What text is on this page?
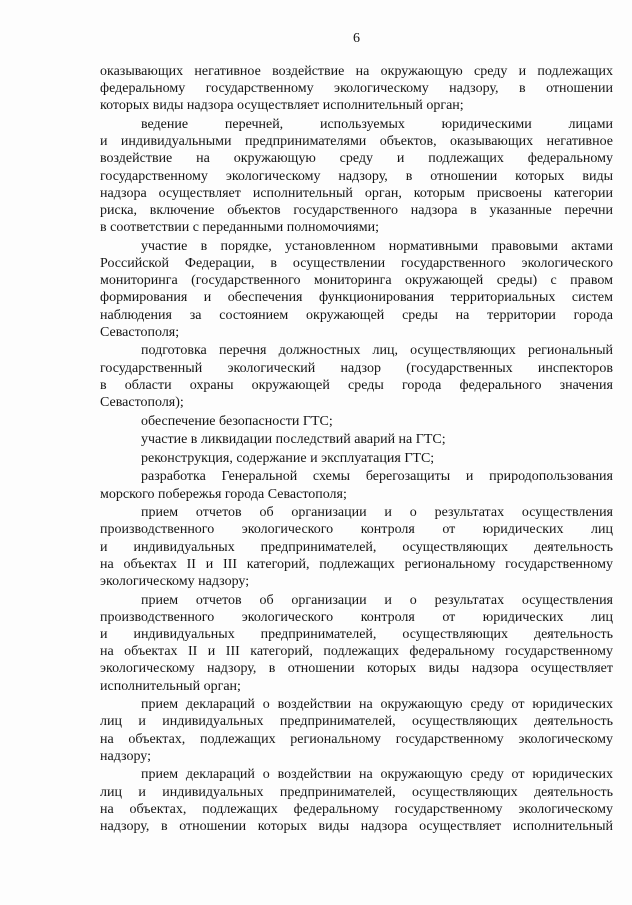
6
оказывающих негативное воздействие на окружающую среду и подлежащих
федеральному государственному экологическому надзору, в отношении
которых виды надзора осуществляет исполнительный орган;
ведение перечней, используемых юридическими лицами
и индивидуальными предпринимателями объектов, оказывающих негативное
воздействие на окружающую среду и подлежащих федеральному
государственному экологическому надзору, в отношении которых виды
надзора осуществляет исполнительный орган, которым присвоены категории
риска, включение объектов государственного надзора в указанные перечни
в соответствии с переданными полномочиями;
участие в порядке, установленном нормативными правовыми актами
Российской Федерации, в осуществлении государственного экологического
мониторинга (государственного мониторинга окружающей среды) с правом
формирования и обеспечения функционирования территориальных систем
наблюдения за состоянием окружающей среды на территории города
Севастополя;
подготовка перечня должностных лиц, осуществляющих региональный
государственный экологический надзор (государственных инспекторов
в области охраны окружающей среды города федерального значения
Севастополя);
обеспечение безопасности ГТС;
участие в ликвидации последствий аварий на ГТС;
реконструкция, содержание и эксплуатация ГТС;
разработка Генеральной схемы берегозащиты и природопользования
морского побережья города Севастополя;
прием отчетов об организации и о результатах осуществления
производственного экологического контроля от юридических лиц
и индивидуальных предпринимателей, осуществляющих деятельность
на объектах II и III категорий, подлежащих региональному государственному
экологическому надзору;
прием отчетов об организации и о результатах осуществления
производственного экологического контроля от юридических лиц
и индивидуальных предпринимателей, осуществляющих деятельность
на объектах II и III категорий, подлежащих федеральному государственному
экологическому надзору, в отношении которых виды надзора осуществляет
исполнительный орган;
прием деклараций о воздействии на окружающую среду от юридических
лиц и индивидуальных предпринимателей, осуществляющих деятельность
на объектах, подлежащих региональному государственному экологическому
надзору;
прием деклараций о воздействии на окружающую среду от юридических
лиц и индивидуальных предпринимателей, осуществляющих деятельность
на объектах, подлежащих федеральному государственному экологическому
надзору, в отношении которых виды надзора осуществляет исполнительный
